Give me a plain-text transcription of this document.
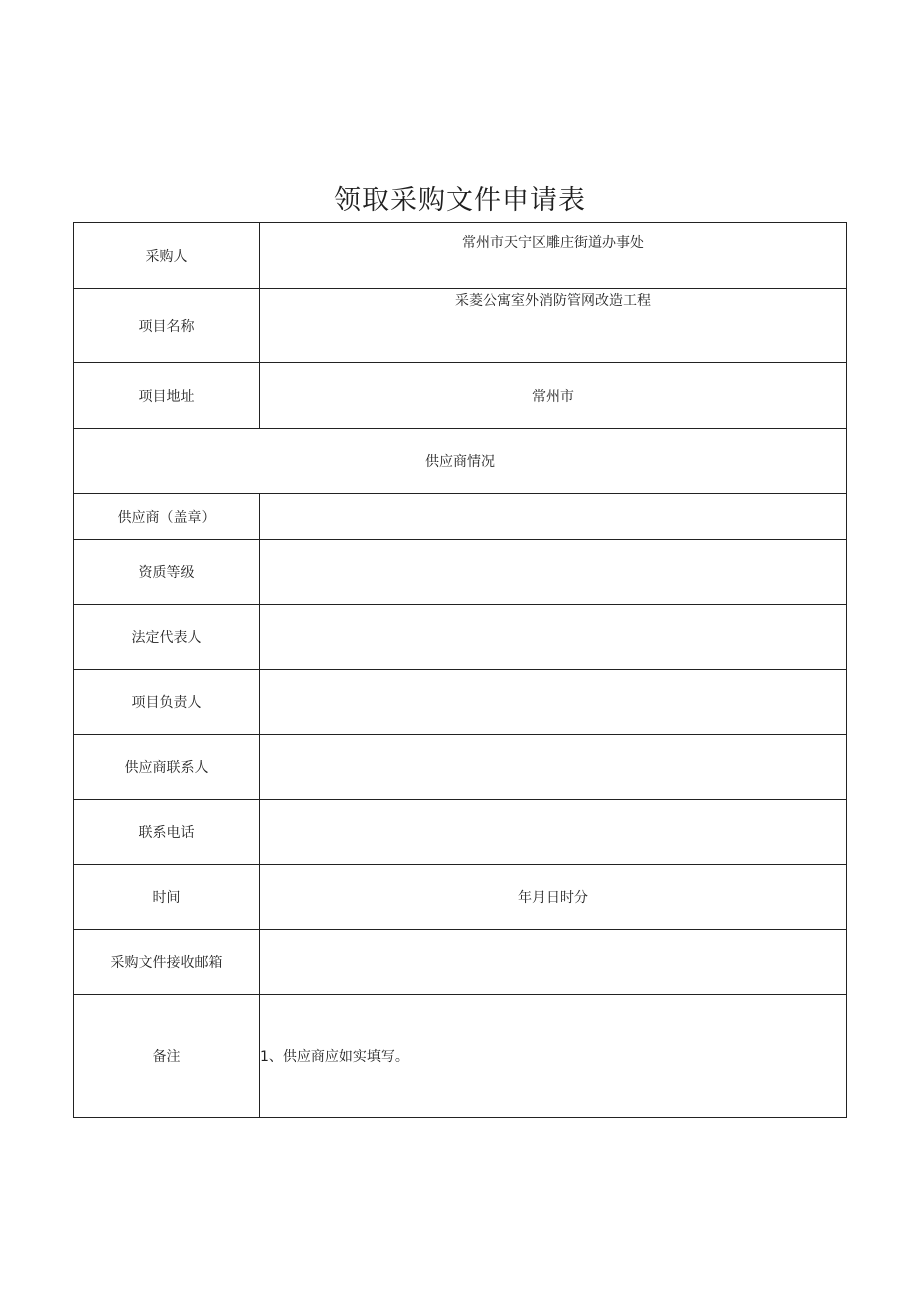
领取采购文件申请表
采购人	常州市天宁区雕庄街道办事处
项目名称	采菱公寓室外消防管网改造工程
项目地址	常州市
供应商情况	
供应商（盖章）	
资质等级	
法定代表人	
项目负责人	
供应商联系人	
联系电话	
时间	年月日时分
采购文件接收邮箱	
备注	1、供应商应如实填写。
